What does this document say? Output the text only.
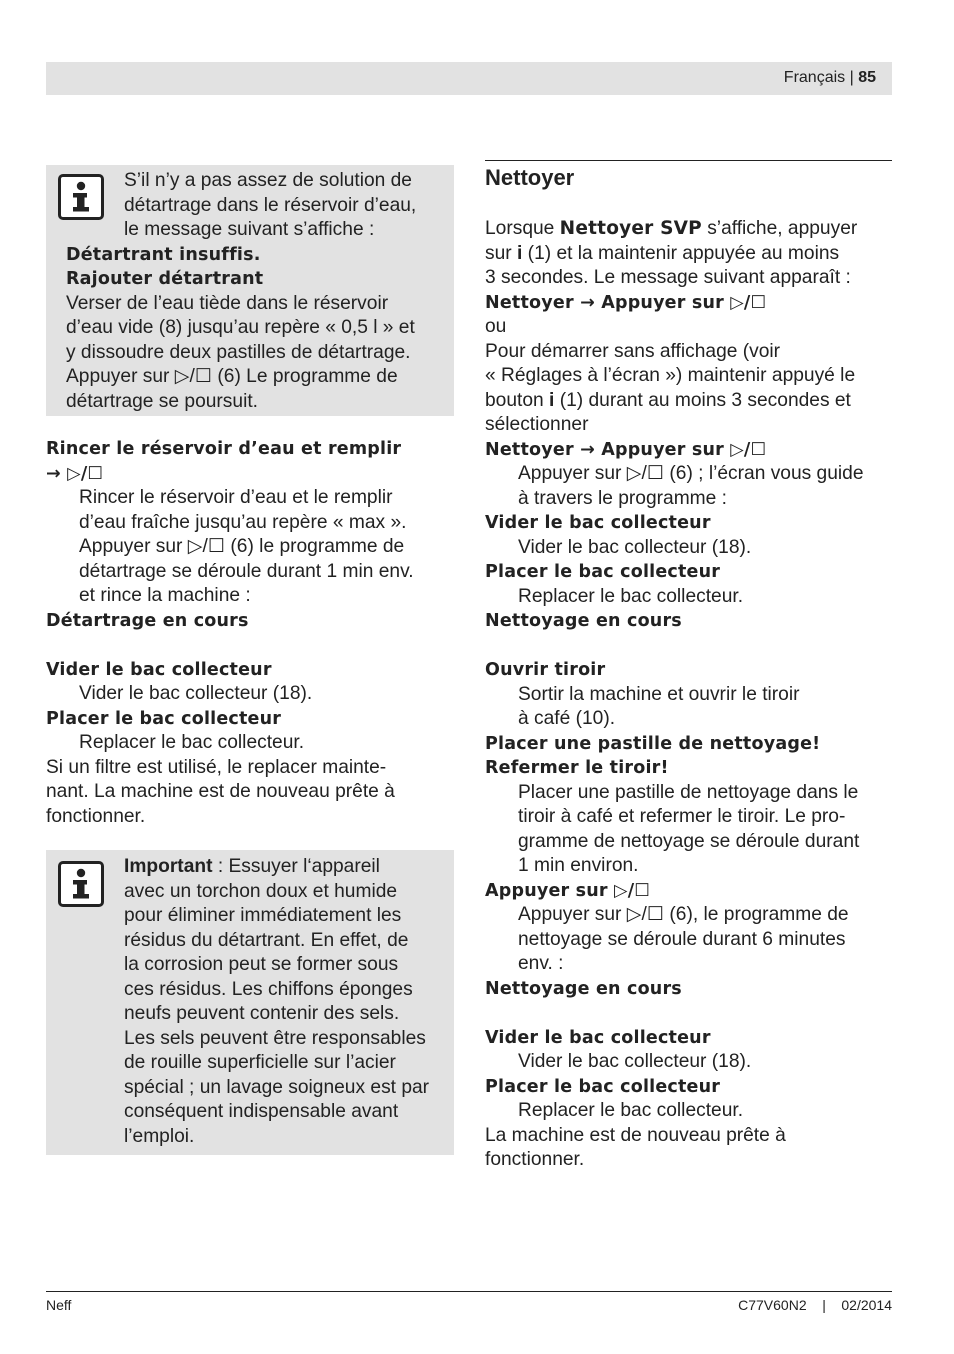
Français | 85

S’il n’y a pas assez de solution de

détartrage dans le réservoir d’eau,

le message suivant s’affiche :

Détartrant insuffis.

Rajouter détartrant

Verser de l’eau tiède dans le réservoir

d’eau vide (8) jusqu’au repère « 0,5 l » et

y dissoudre deux pastilles de détartrage.

Appuyer sur ▷/☐ (6) Le programme de

détartrage se poursuit.

Rincer le réservoir d’eau et remplir

→ ▷/☐

Rincer le réservoir d’eau et le remplir

d’eau fraîche jusqu’au repère « max ».

Appuyer sur ▷/☐ (6) le programme de

détartrage se déroule durant 1 min env.

et rince la machine :

Détartrage en cours

Vider le bac collecteur

Vider le bac collecteur (18).

Placer le bac collecteur

Replacer le bac collecteur.

Si un filtre est utilisé, le replacer mainte-

nant. La machine est de nouveau prête à

fonctionner.

Important : Essuyer l‘appareil

avec un torchon doux et humide

pour éliminer immédiatement les

résidus du détartrant. En effet, de

la corrosion peut se former sous

ces résidus. Les chiffons éponges

neufs peuvent contenir des sels.

Les sels peuvent être responsables

de rouille superficielle sur l’acier

spécial ; un lavage soigneux est par

conséquent indispensable avant

l’emploi.

Nettoyer

Lorsque Nettoyer SVP s’affiche, appuyer

sur i (1) et la maintenir appuyée au moins

3 secondes. Le message suivant apparaît :

Nettoyer → Appuyer sur ▷/☐

ou

Pour démarrer sans affichage (voir

« Réglages à l’écran ») maintenir appuyé le

bouton i (1) durant au moins 3 secondes et

sélectionner

Nettoyer → Appuyer sur ▷/☐

Appuyer sur ▷/☐ (6) ; l’écran vous guide

à travers le programme :

Vider le bac collecteur

Vider le bac collecteur (18).

Placer le bac collecteur

Replacer le bac collecteur.

Nettoyage en cours

Ouvrir tiroir

Sortir la machine et ouvrir le tiroir

à café (10).

Placer une pastille de nettoyage!

Refermer le tiroir!

Placer une pastille de nettoyage dans le

tiroir à café et refermer le tiroir. Le pro-

gramme de nettoyage se déroule durant

1 min environ.

Appuyer sur ▷/☐

Appuyer sur ▷/☐ (6), le programme de

nettoyage se déroule durant 6 minutes

env. :

Nettoyage en cours

Vider le bac collecteur

Vider le bac collecteur (18).

Placer le bac collecteur

Replacer le bac collecteur.

La machine est de nouveau prête à

fonctionner.

Neff	C77V60N2 | 02/2014
